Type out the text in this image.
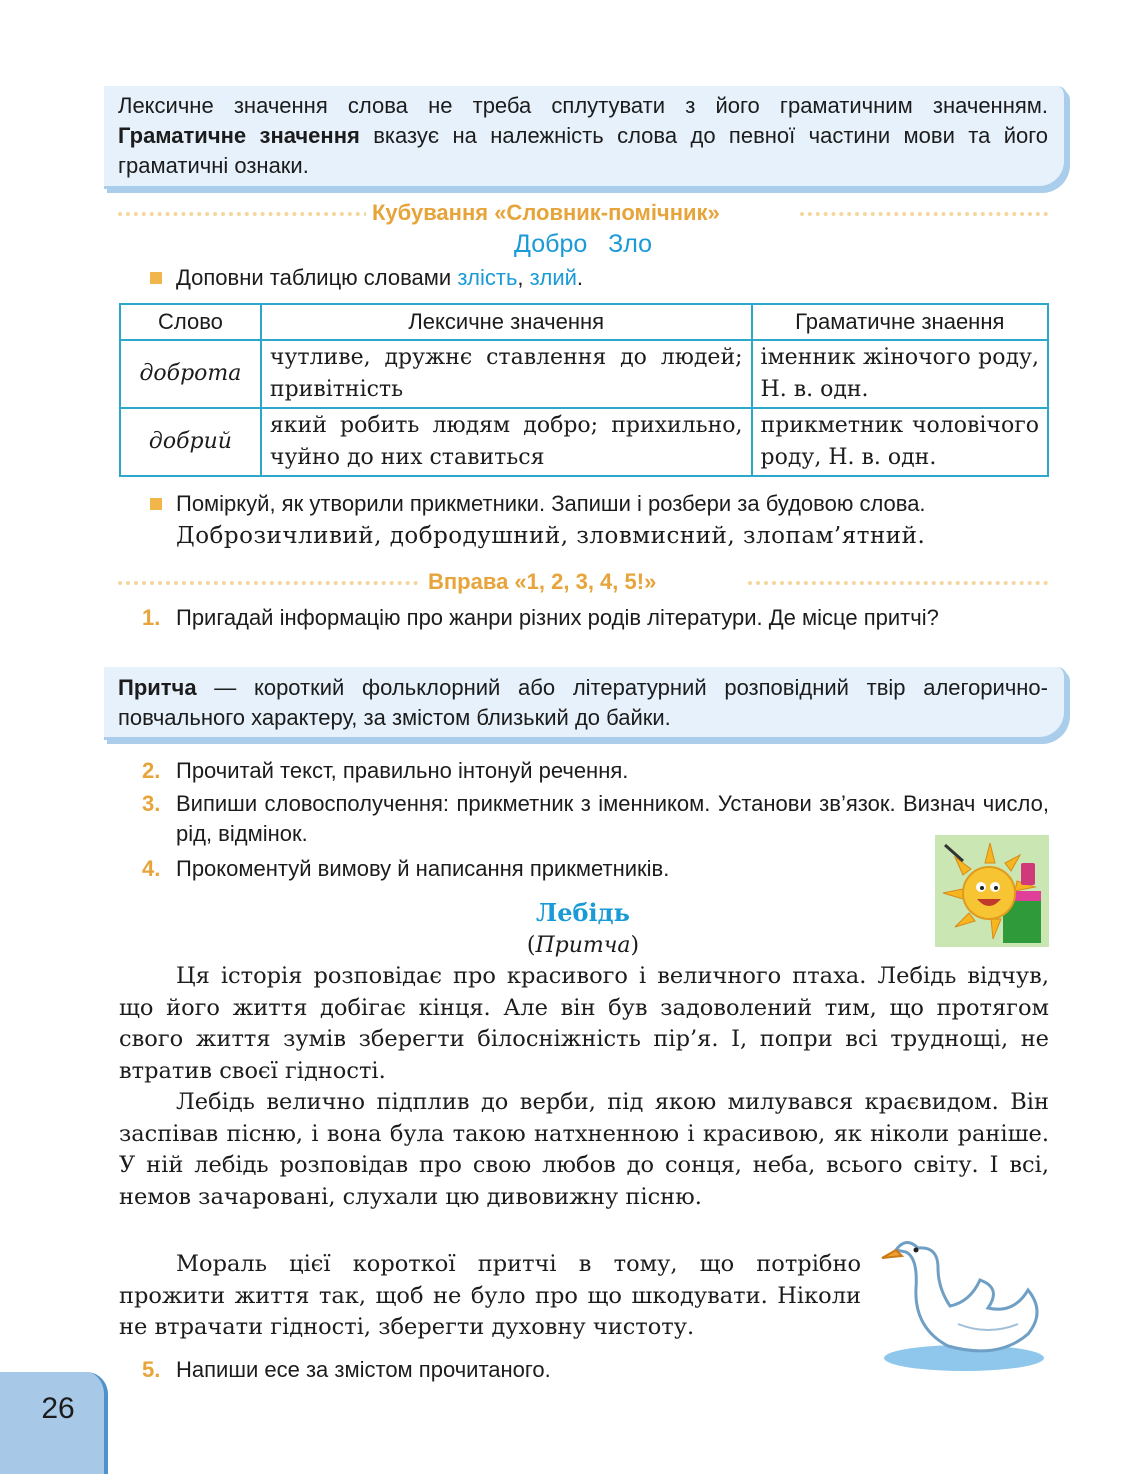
Лексичне значення слова не треба сплутувати з його граматичним значенням. Граматичне значення вказує на належність слова до певної частини мови та його граматичні ознаки.
Кубування «Словник-помічник»
Добро   Зло
Доповни таблицю словами злість, злий.
Слово	Лексичне значення	Граматичне знаення
доброта	чутливе, дружнє ставлення до людей; привітність	іменник жіночого роду, Н. в. одн.
добрий	який робить людям добро; прихильно, чуйно до них ставиться	прикметник чоловічого роду, Н. в. одн.
Поміркуй, як утворили прикметники. Запиши і розбери за будовою слова.
Доброзичливий, добродушний, зловмисний, злопам’ятний.
Вправа «1, 2, 3, 4, 5!»
1. Пригадай інформацію про жанри різних родів літератури. Де місце притчі?
Притча — короткий фольклорний або літературний розповідний твір алегорично-повчального характеру, за змістом близький до байки.
2. Прочитай текст, правильно інтонуй речення.
3. Випиши словосполучення: прикметник з іменником. Установи зв’язок. Визнач число, рід, відмінок.
4. Прокоментуй вимову й написання прикметників.
Лебідь
(Притча)

Ця історія розповідає про красивого і величного птаха. Лебідь відчув, що його життя добігає кінця. Але він був задоволений тим, що протягом свого життя зумів зберегти білосніжність пір’я. І, попри всі труднощі, не втратив своєї гідності.

Лебідь велично підплив до верби, під якою милувався краєвидом. Він заспівав пісню, і вона була такою натхненною і красивою, як ніколи раніше. У ній лебідь розповідав про свою любов до сонця, неба, всього світу. І всі, немов зачаровані, слухали цю дивовижну пісню.

Мораль цієї короткої притчі в тому, що потрібно прожити життя так, щоб не було про що шкодувати. Ніколи не втрачати гідності, зберегти духовну чистоту.

5. Напиши есе за змістом прочитаного.
26
